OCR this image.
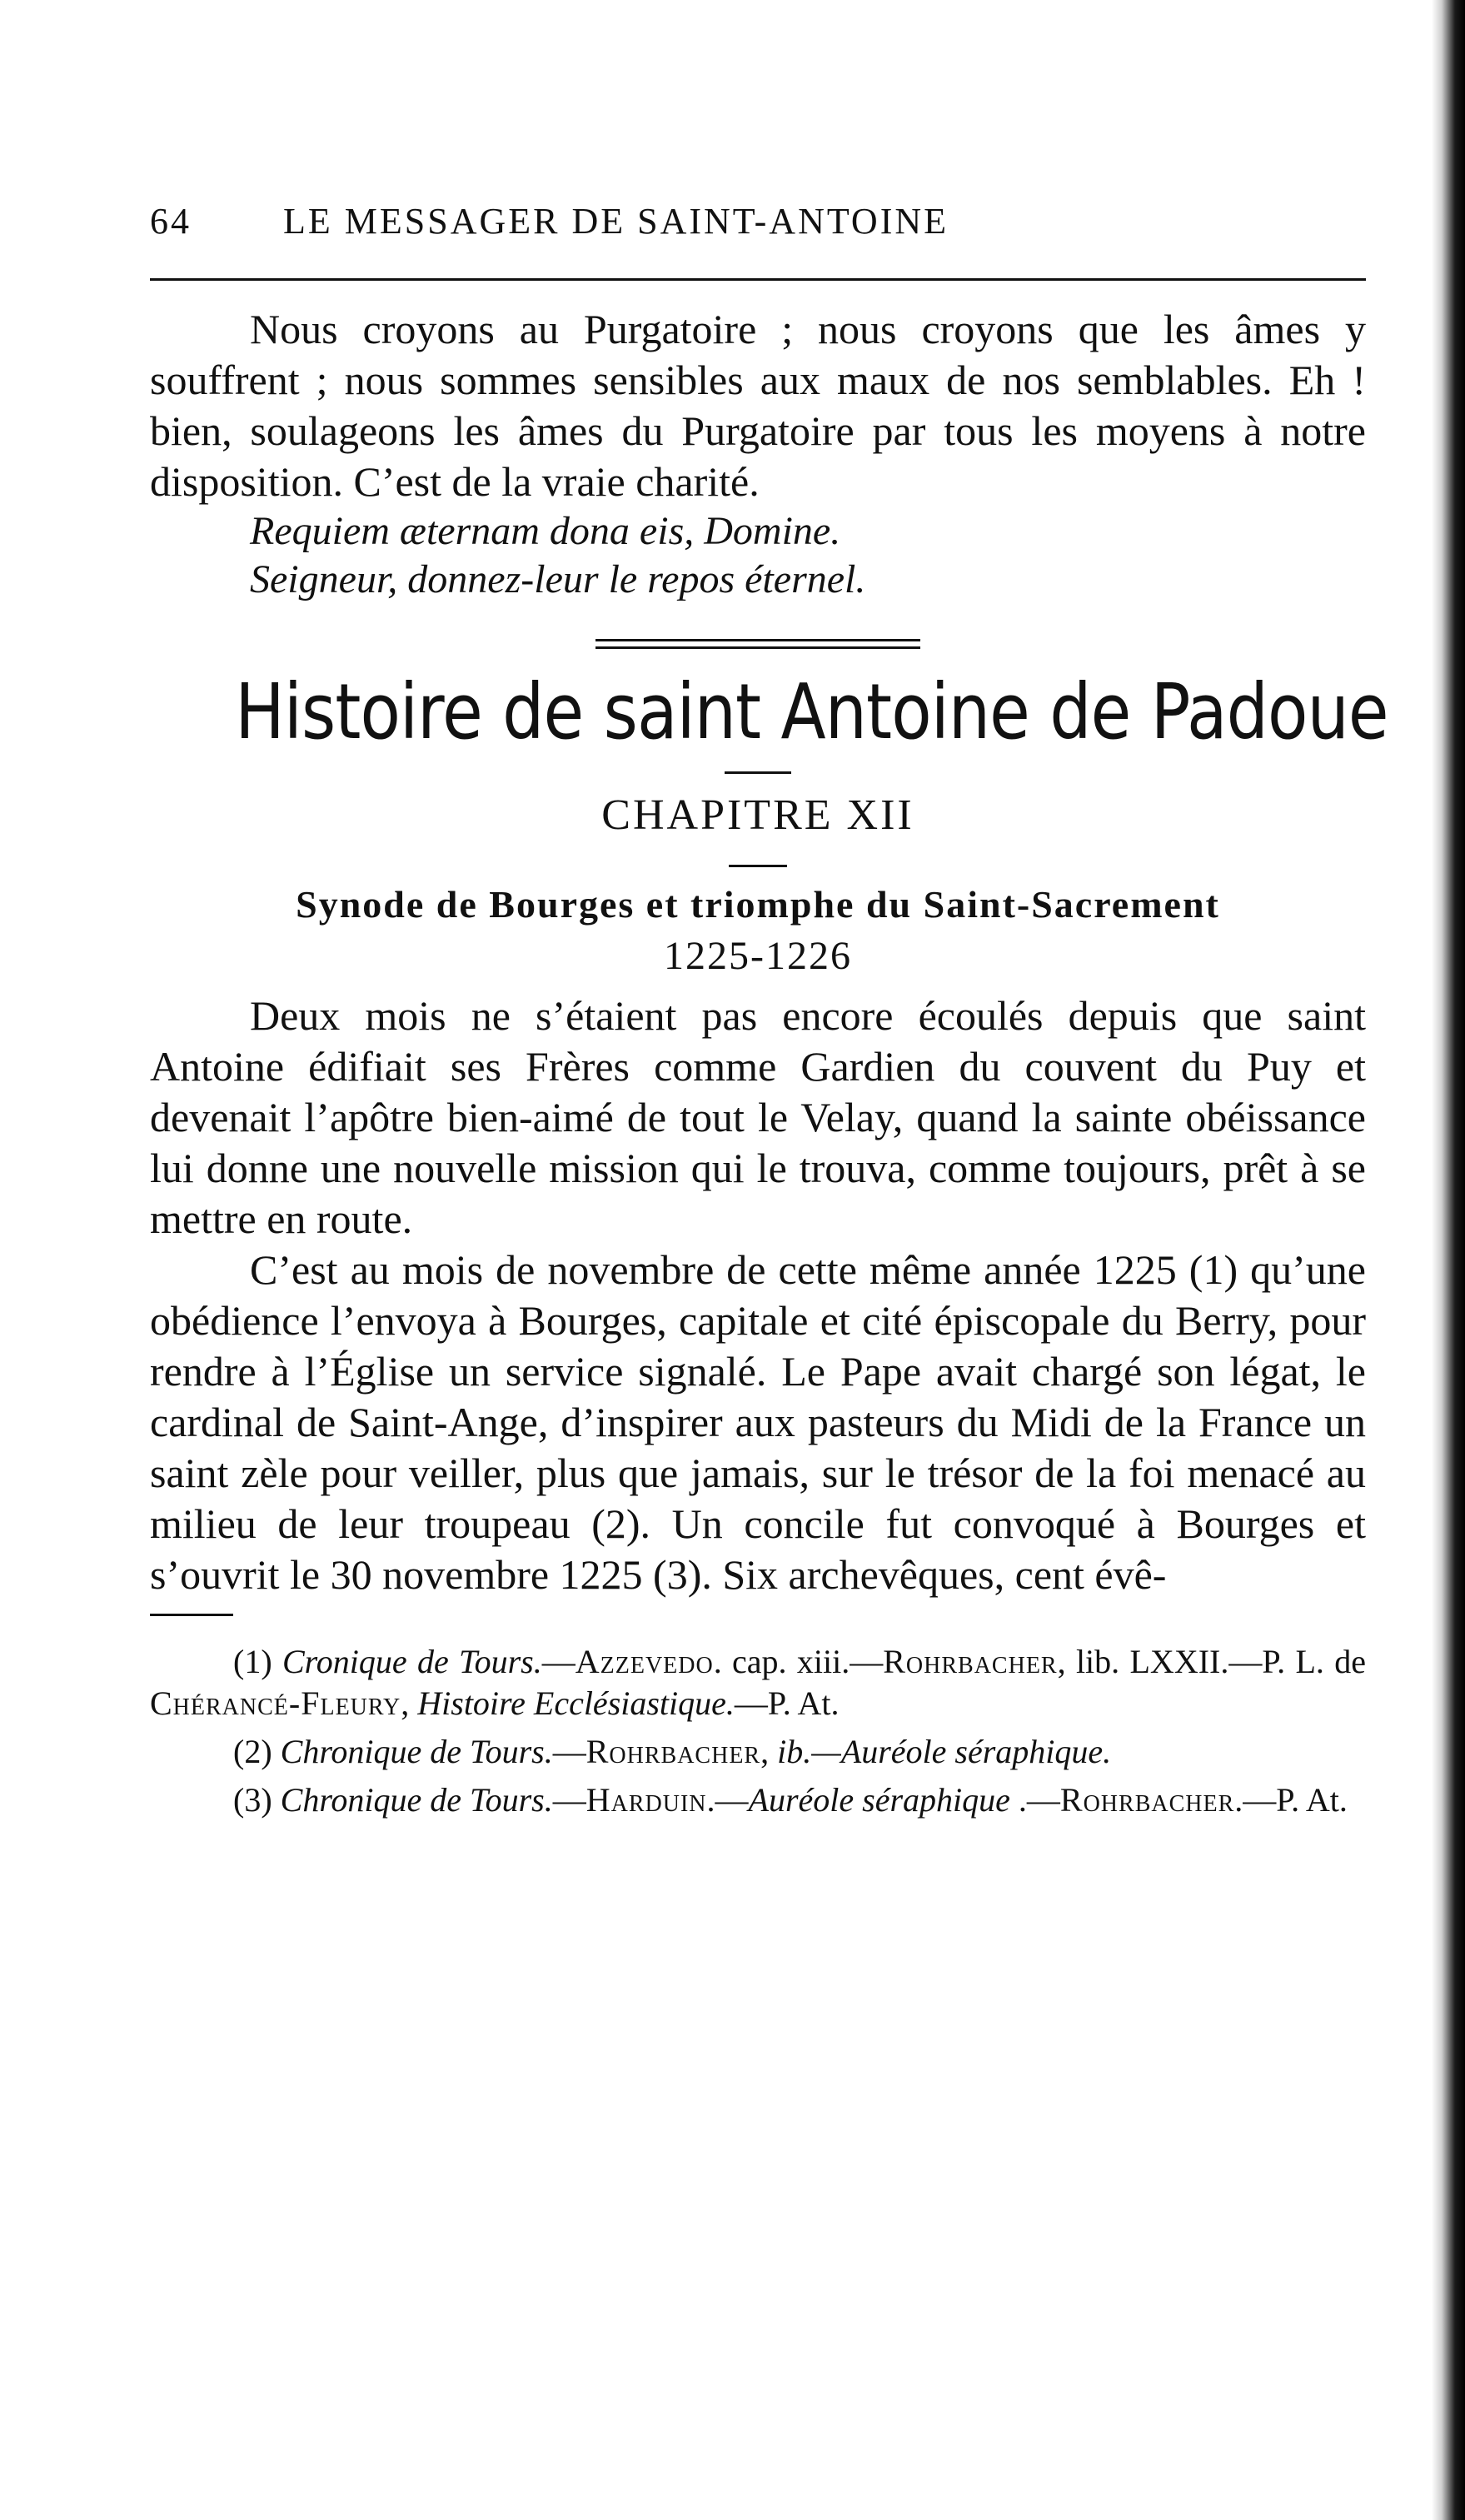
64	LE MESSAGER DE SAINT-ANTOINE

Nous croyons au Purgatoire ; nous croyons que les âmes y souffrent ; nous sommes sensibles aux maux de nos semblables. Eh ! bien, soulageons les âmes du Purgatoire par tous les moyens à notre disposition. C’est de la vraie charité.

Requiem æternam dona eis, Domine.

Seigneur, donnez-leur le repos éternel.

Histoire de saint Antoine de Padoue

CHAPITRE XII

Synode de Bourges et triomphe du Saint-Sacrement

1225-1226

Deux mois ne s’étaient pas encore écoulés depuis que saint Antoine édifiait ses Frères comme Gardien du couvent du Puy et devenait l’apôtre bien-aimé de tout le Velay, quand la sainte obéissance lui donne une nouvelle mission qui le trouva, comme toujours, prêt à se mettre en route.

C’est au mois de novembre de cette même année 1225 (1) qu’une obédience l’envoya à Bourges, capitale et cité épiscopale du Berry, pour rendre à l’Église un service signalé. Le Pape avait chargé son légat, le cardinal de Saint-Ange, d’inspirer aux pasteurs du Midi de la France un saint zèle pour veiller, plus que jamais, sur le trésor de la foi menacé au milieu de leur troupeau (2). Un concile fut convoqué à Bourges et s’ouvrit le 30 novembre 1225 (3). Six archevêques, cent évê-

(1) Cronique de Tours.—Azzevedo. cap. xiii.—Rohrbacher, lib. LXXII.—P. L. de Chérancé-Fleury, Histoire Ecclésiastique.—P. At.

(2) Chronique de Tours.—Rohrbacher, ib.—Auréole séraphique.

(3) Chronique de Tours.—Harduin.—Auréole séraphique .—Rohrbacher.—P. At.
